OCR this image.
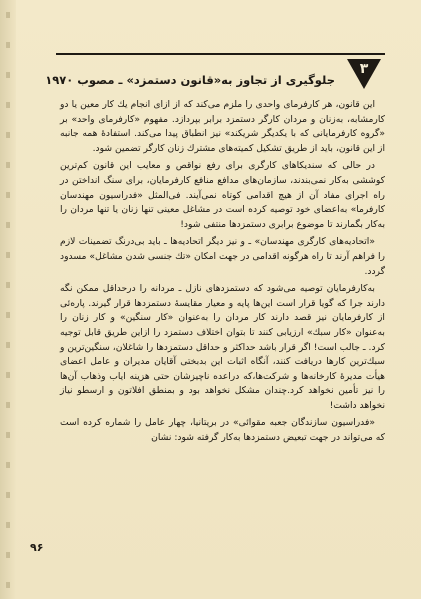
۳
جلوگیری از تجاوز به«قانون دستمزد» ـ مصوب ۱۹۷۰

این قانون، هر کارفرمای واحدی را ملزم می‌کند که از ازای انجام یك کار معین یا دو کارمشابه، به‌زنان و مردان کارگر دستمزد برابر بپردازد. مفهوم «کارفرمای واحد» بر «گروه کارفرمایانی که با یکدیگر شریکند» نیز انطباق پیدا می‌کند. استفادهٔ همه جانبه از این قانون، باید از طریق تشکیل کمیته‌های مشترك زنان کارگر تضمین شود.

در حالی که سندیکاهای کارگری برای رفع نواقص و معایب این قانون کم‌ترین کوششی به‌کار نمی‌بندند، سازمان‌های مدافع منافع کارفرمایان، برای سنگ انداختن در راه اجرای مفاد آن از هیچ اقدامی کوتاه نمی‌آیند. فی‌المثل «فدراسیون مهندسان کارفرما» به‌اعضای خود توصیه کرده است در مشاغل معینی تنها زنان یا تنها مردان را به‌کار بگمارند تا موضوع برابری دستمزدها منتفی شود!

«اتحادیه‌های کارگری مهندسان» ـ و نیز دیگر اتحادیه‌ها ـ باید بی‌درنگ تضمینات لازم را فراهم آرند تا راه هرگونه اقدامی در جهت امکان «تك جنسی شدن مشاغل» مسدود گردد.

به‌کارفرمایان توصیه می‌شود که دستمزدهای نازل ـ مردانه را درحداقل ممکن نگه دارند جرا که گویا قرار است این‌ها پایه و معیار مقایسهٔ دستمزدها قرار گیرند. پاره‌ئی از کارفرمایان نیز قصد دارند کار مردان را به‌عنوان «کار سنگین» و کار زنان را به‌عنوان «کار سبك» ارزیابی کنند تا بتوان اختلاف دستمزد را ازاین طریق قابل توجیه کرد. ـ جالب است! اگر قرار باشد حداکثر و حداقل دستمزدها را شاغلان، سنگین‌ترین و سبك‌ترین کارها دریافت کنند، آنگاه اثبات این بدبختی آقایان مدیران و عامل اعضای هیأت مدیرهٔ کارخانه‌ها و شرکت‌ها،که دراعده ناچیزشان حتی هزینه ایاب وذهاب آن‌ها را نیز تأمین نخواهد کرد.چندان مشکل نخواهد بود و بمنطق افلاتون و ارسطو نیاز نخواهد داشت!

«فدراسیون سازندگان جعبه مقوائی» در بریتانیا، چهار عامل را شماره کرده است که می‌تواند در جهت تبعیض دستمزدها به‌کار گرفته شود: نشان

۹۶
